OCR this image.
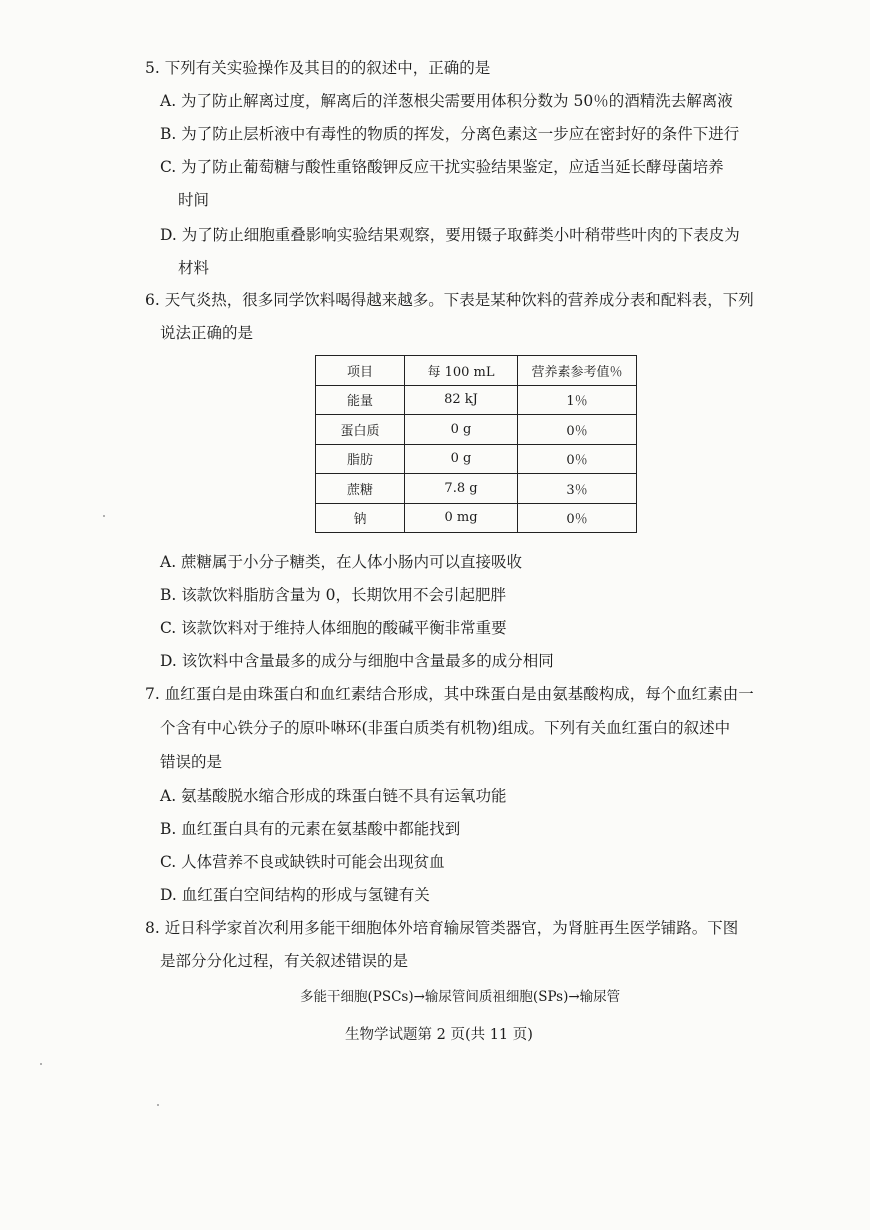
5. 下列有关实验操作及其目的的叙述中，正确的是
A. 为了防止解离过度，解离后的洋葱根尖需要用体积分数为 50％的酒精洗去解离液
B. 为了防止层析液中有毒性的物质的挥发，分离色素这一步应在密封好的条件下进行
C. 为了防止葡萄糖与酸性重铬酸钾反应干扰实验结果鉴定，应适当延长酵母菌培养
时间
D. 为了防止细胞重叠影响实验结果观察，要用镊子取藓类小叶稍带些叶肉的下表皮为
材料
6. 天气炎热，很多同学饮料喝得越来越多。下表是某种饮料的营养成分表和配料表，下列
说法正确的是
项目	每 100 mL	营养素参考值％
能量	82 kJ	1％
蛋白质	0 g	0％
脂肪	0 g	0％
蔗糖	7.8 g	3％
钠	0 mg	0％
A. 蔗糖属于小分子糖类，在人体小肠内可以直接吸收
B. 该款饮料脂肪含量为 0，长期饮用不会引起肥胖
C. 该款饮料对于维持人体细胞的酸碱平衡非常重要
D. 该饮料中含量最多的成分与细胞中含量最多的成分相同
7. 血红蛋白是由珠蛋白和血红素结合形成，其中珠蛋白是由氨基酸构成，每个血红素由一
个含有中心铁分子的原卟啉环(非蛋白质类有机物)组成。下列有关血红蛋白的叙述中
错误的是
A. 氨基酸脱水缩合形成的珠蛋白链不具有运氧功能
B. 血红蛋白具有的元素在氨基酸中都能找到
C. 人体营养不良或缺铁时可能会出现贫血
D. 血红蛋白空间结构的形成与氢键有关
8. 近日科学家首次利用多能干细胞体外培育输尿管类器官，为肾脏再生医学铺路。下图
是部分分化过程，有关叙述错误的是
多能干细胞(PSCs)→输尿管间质祖细胞(SPs)→输尿管
生物学试题第 2 页(共 11 页)
